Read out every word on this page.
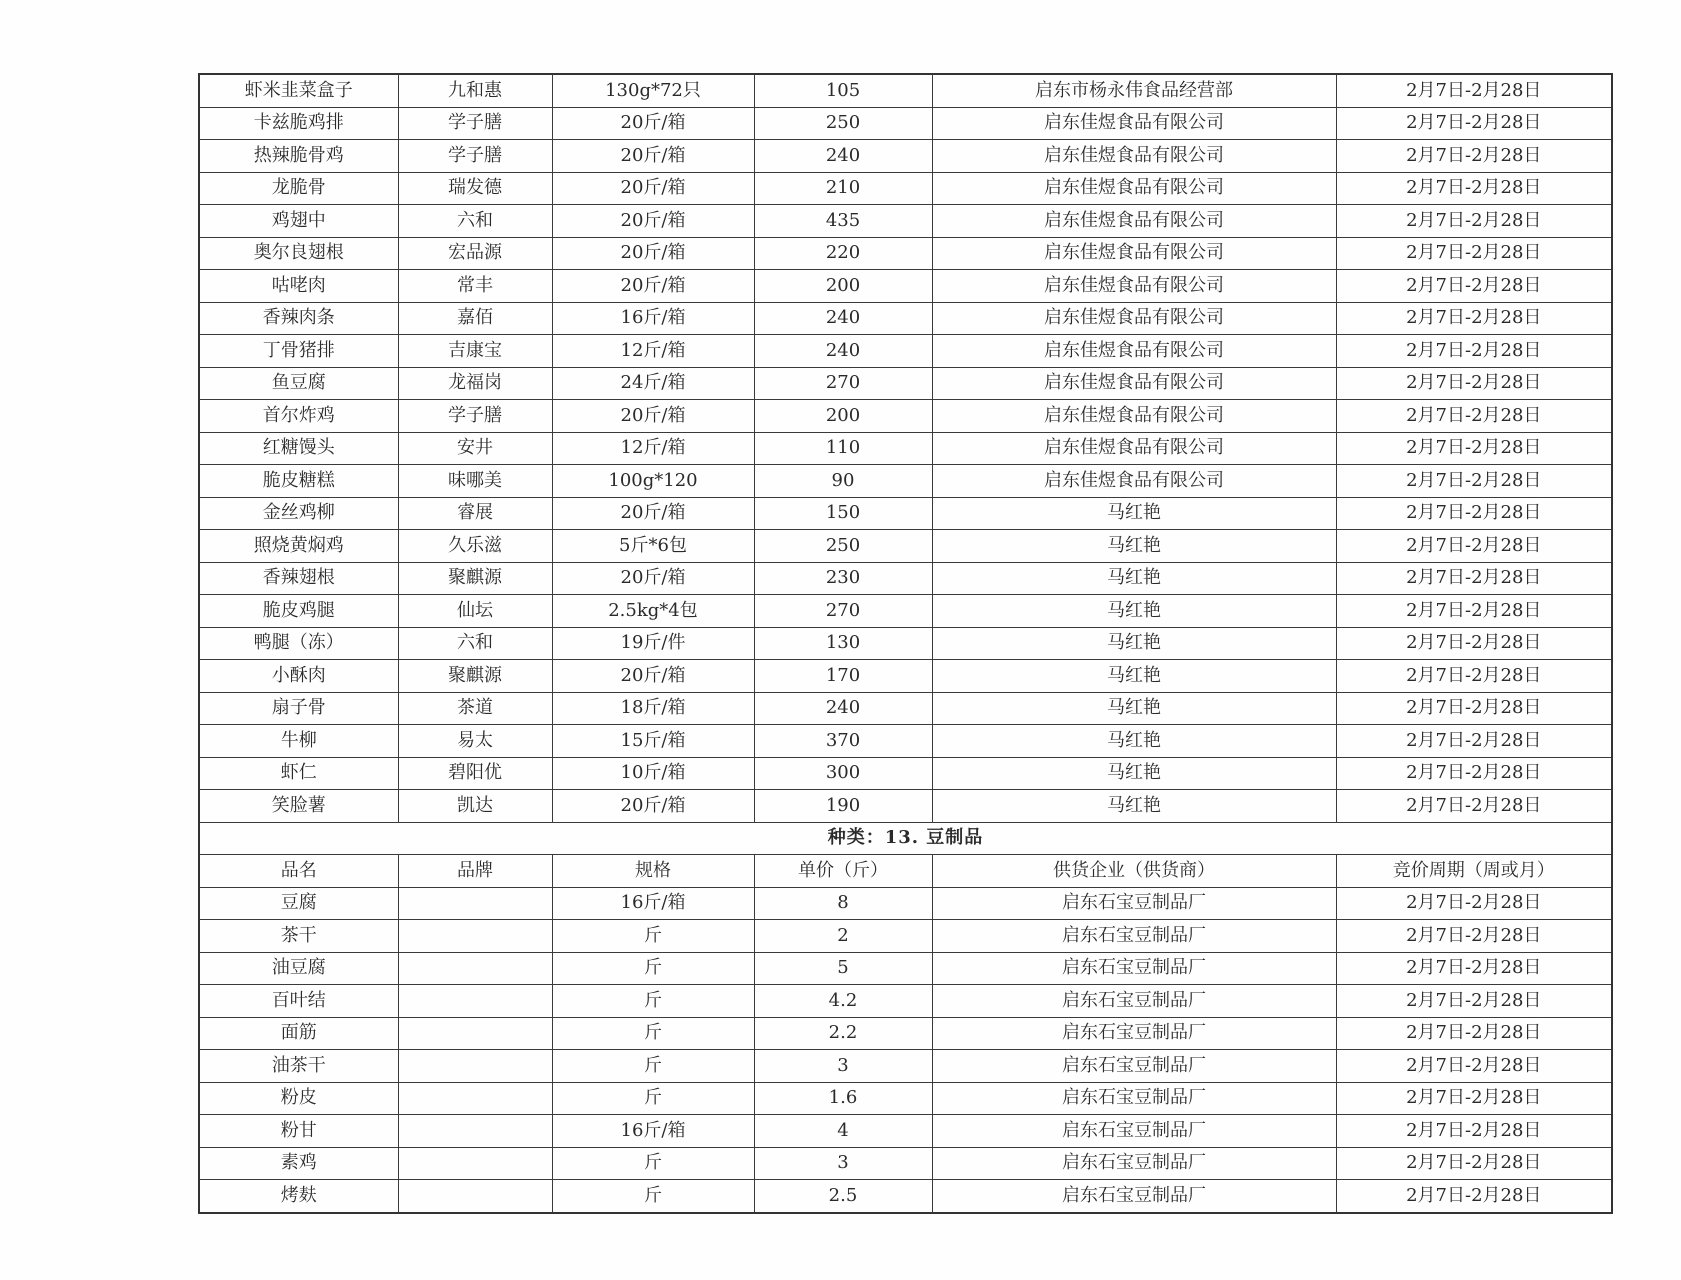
虾米韭菜盒子	九和惠	130g*72只	105	启东市杨永伟食品经营部	2月7日-2月28日
卡兹脆鸡排	学子膳	20斤/箱	250	启东佳煜食品有限公司	2月7日-2月28日
热辣脆骨鸡	学子膳	20斤/箱	240	启东佳煜食品有限公司	2月7日-2月28日
龙脆骨	瑞发德	20斤/箱	210	启东佳煜食品有限公司	2月7日-2月28日
鸡翅中	六和	20斤/箱	435	启东佳煜食品有限公司	2月7日-2月28日
奥尔良翅根	宏品源	20斤/箱	220	启东佳煜食品有限公司	2月7日-2月28日
咕咾肉	常丰	20斤/箱	200	启东佳煜食品有限公司	2月7日-2月28日
香辣肉条	嘉佰	16斤/箱	240	启东佳煜食品有限公司	2月7日-2月28日
丁骨猪排	吉康宝	12斤/箱	240	启东佳煜食品有限公司	2月7日-2月28日
鱼豆腐	龙福岗	24斤/箱	270	启东佳煜食品有限公司	2月7日-2月28日
首尔炸鸡	学子膳	20斤/箱	200	启东佳煜食品有限公司	2月7日-2月28日
红糖馒头	安井	12斤/箱	110	启东佳煜食品有限公司	2月7日-2月28日
脆皮糖糕	味哪美	100g*120	90	启东佳煜食品有限公司	2月7日-2月28日
金丝鸡柳	睿展	20斤/箱	150	马红艳	2月7日-2月28日
照烧黄焖鸡	久乐滋	5斤*6包	250	马红艳	2月7日-2月28日
香辣翅根	聚麒源	20斤/箱	230	马红艳	2月7日-2月28日
脆皮鸡腿	仙坛	2.5kg*4包	270	马红艳	2月7日-2月28日
鸭腿（冻）	六和	19斤/件	130	马红艳	2月7日-2月28日
小酥肉	聚麒源	20斤/箱	170	马红艳	2月7日-2月28日
扇子骨	茶道	18斤/箱	240	马红艳	2月7日-2月28日
牛柳	易太	15斤/箱	370	马红艳	2月7日-2月28日
虾仁	碧阳优	10斤/箱	300	马红艳	2月7日-2月28日
笑脸薯	凯达	20斤/箱	190	马红艳	2月7日-2月28日
种类：13. 豆制品					
品名	品牌	规格	单价（斤）	供货企业（供货商）	竞价周期（周或月）
豆腐		16斤/箱	8	启东石宝豆制品厂	2月7日-2月28日
茶干		斤	2	启东石宝豆制品厂	2月7日-2月28日
油豆腐		斤	5	启东石宝豆制品厂	2月7日-2月28日
百叶结		斤	4.2	启东石宝豆制品厂	2月7日-2月28日
面筋		斤	2.2	启东石宝豆制品厂	2月7日-2月28日
油茶干		斤	3	启东石宝豆制品厂	2月7日-2月28日
粉皮		斤	1.6	启东石宝豆制品厂	2月7日-2月28日
粉甘		16斤/箱	4	启东石宝豆制品厂	2月7日-2月28日
素鸡		斤	3	启东石宝豆制品厂	2月7日-2月28日
烤麸		斤	2.5	启东石宝豆制品厂	2月7日-2月28日
